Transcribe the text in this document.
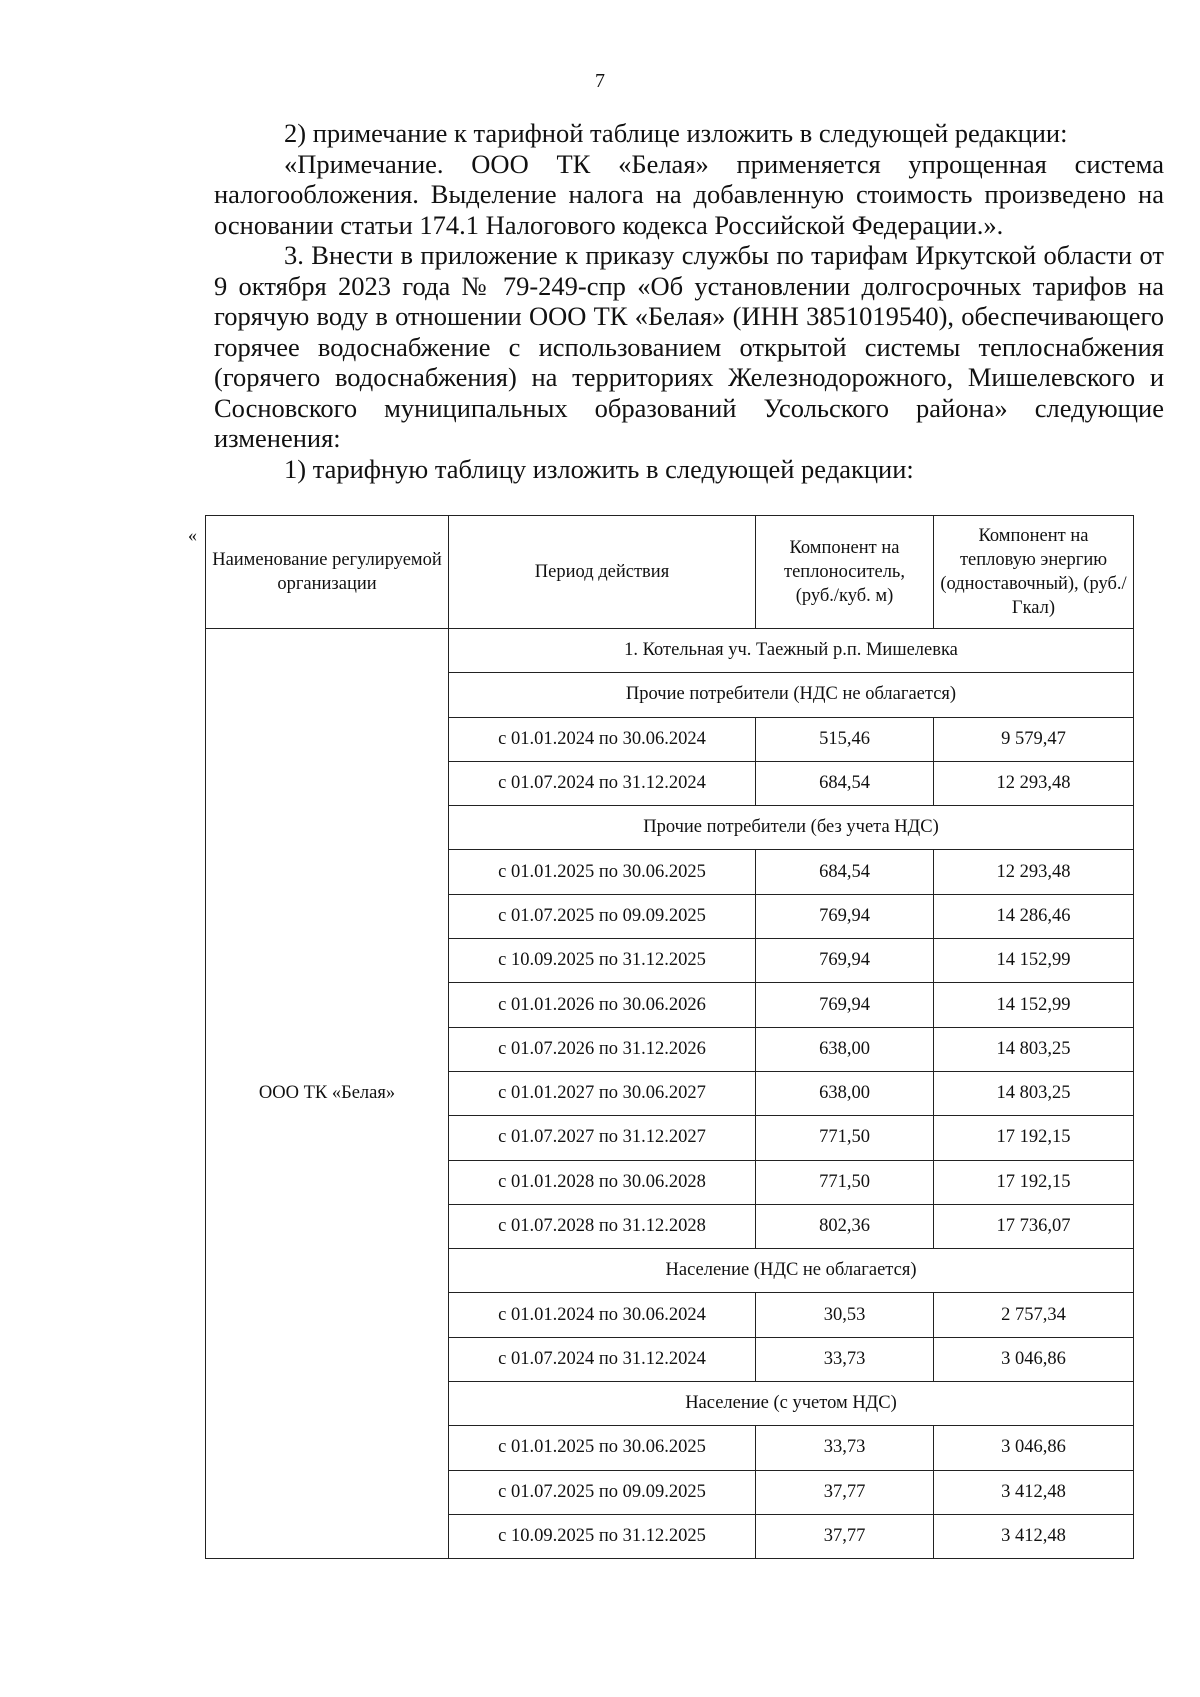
7

2) примечание к тарифной таблице изложить в следующей редакции:

«Примечание. ООО ТК «Белая» применяется упрощенная система налогообложения. Выделение налога на добавленную стоимость произведено на основании статьи 174.1 Налогового кодекса Российской Федерации.».

3. Внести в приложение к приказу службы по тарифам Иркутской области от 9 октября 2023 года № 79-249-спр «Об установлении долгосрочных тарифов на горячую воду в отношении ООО ТК «Белая» (ИНН 3851019540), обеспечивающего горячее водоснабжение с использованием открытой системы теплоснабжения (горячего водоснабжения) на территориях Железнодорожного, Мишелевского и Сосновского муниципальных образований Усольского района» следующие изменения:

1) тарифную таблицу изложить в следующей редакции:

«
Наименование регулируемой организации	Период действия	Компонент на теплоноситель, (руб./куб. м)	Компонент на тепловую энергию (одноставочный), (руб./Гкал)
ООО ТК «Белая»	1. Котельная уч. Таежный р.п. Мишелевка		
	Прочие потребители (НДС не облагается)		
	с 01.01.2024 по 30.06.2024	515,46	9 579,47
	с 01.07.2024 по 31.12.2024	684,54	12 293,48
	Прочие потребители (без учета НДС)		
	с 01.01.2025 по 30.06.2025	684,54	12 293,48
	с 01.07.2025 по 09.09.2025	769,94	14 286,46
	с 10.09.2025 по 31.12.2025	769,94	14 152,99
	с 01.01.2026 по 30.06.2026	769,94	14 152,99
	с 01.07.2026 по 31.12.2026	638,00	14 803,25
	с 01.01.2027 по 30.06.2027	638,00	14 803,25
	с 01.07.2027 по 31.12.2027	771,50	17 192,15
	с 01.01.2028 по 30.06.2028	771,50	17 192,15
	с 01.07.2028 по 31.12.2028	802,36	17 736,07
	Население (НДС не облагается)		
	с 01.01.2024 по 30.06.2024	30,53	2 757,34
	с 01.07.2024 по 31.12.2024	33,73	3 046,86
	Население (с учетом НДС)		
	с 01.01.2025 по 30.06.2025	33,73	3 046,86
	с 01.07.2025 по 09.09.2025	37,77	3 412,48
	с 10.09.2025 по 31.12.2025	37,77	3 412,48
